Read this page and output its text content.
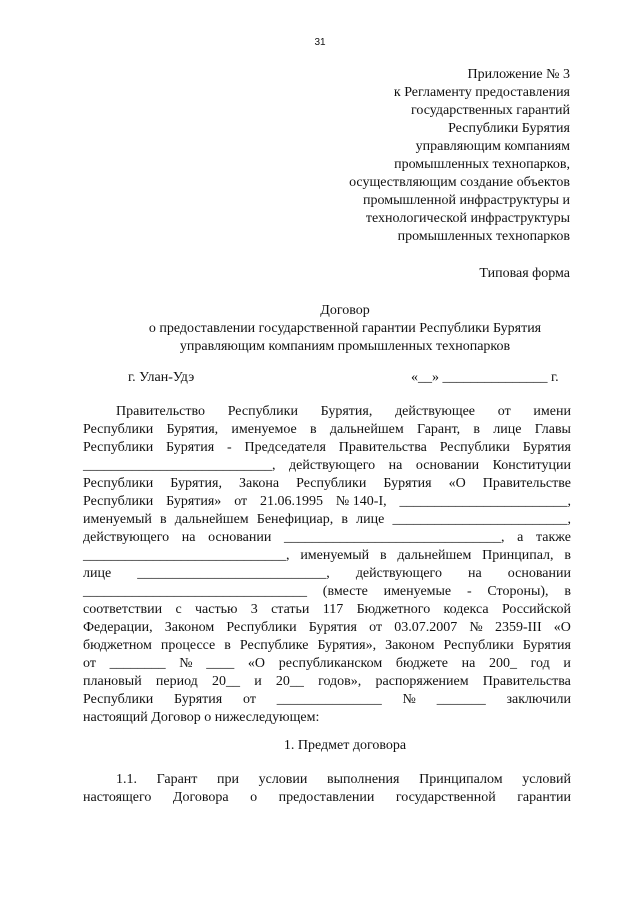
31
Приложение № 3
к Регламенту предоставления
государственных гарантий
Республики Бурятия
управляющим компаниям
промышленных технопарков,
осуществляющим создание объектов
промышленной инфраструктуры и
технологической инфраструктуры
промышленных технопарков
Типовая форма
Договор
о предоставлении государственной гарантии Республики Бурятия
управляющим компаниям промышленных технопарков
г. Улан-Удэ	«__» _______________ г.
Правительство Республики Бурятия, действующее от имени
Республики Бурятия, именуемое в дальнейшем Гарант, в лице Главы
Республики Бурятия - Председателя Правительства Республики Бурятия
___________________________, действующего на основании Конституции
Республики Бурятия, Закона Республики Бурятия «О Правительстве
Республики Бурятия» от 21.06.1995 № 140-I, ________________________,
именуемый в дальнейшем Бенефициар, в лице _________________________,
действующего на основании _______________________________, а также
_____________________________, именуемый в дальнейшем Принципал, в
лице ___________________________, действующего на основании
________________________________ (вместе именуемые - Стороны), в
соответствии с частью 3 статьи 117 Бюджетного кодекса Российской
Федерации, Законом Республики Бурятия от 03.07.2007 № 2359-III «О
бюджетном процессе в Республике Бурятия», Законом Республики Бурятия
от ________ № ____ «О республиканском бюджете на 200_ год и
плановый период 20__ и 20__ годов», распоряжением Правительства
Республики Бурятия от _______________ № _______ заключили
настоящий Договор о нижеследующем:
1. Предмет договора
1.1. Гарант при условии выполнения Принципалом условий
настоящего Договора о предоставлении государственной гарантии
